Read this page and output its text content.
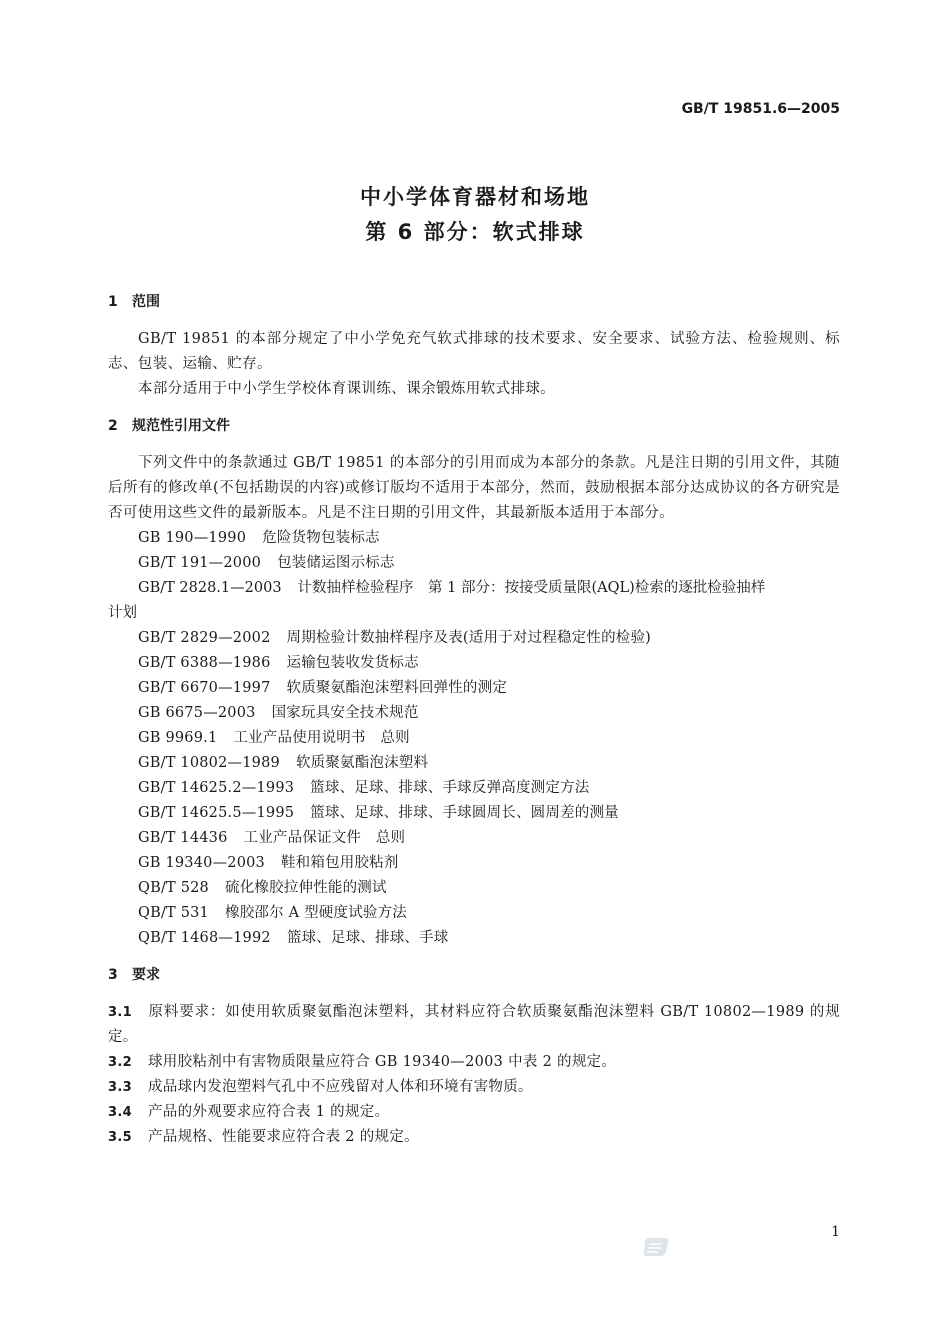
GB/T 19851.6—2005
中小学体育器材和场地
第 6 部分：软式排球
1 范围

GB/T 19851 的本部分规定了中小学免充气软式排球的技术要求、安全要求、试验方法、检验规则、标志、包装、运输、贮存。

本部分适用于中小学生学校体育课训练、课余锻炼用软式排球。

2 规范性引用文件

下列文件中的条款通过 GB/T 19851 的本部分的引用而成为本部分的条款。凡是注日期的引用文件，其随后所有的修改单(不包括勘误的内容)或修订版均不适用于本部分，然而，鼓励根据本部分达成协议的各方研究是否可使用这些文件的最新版本。凡是不注日期的引用文件，其最新版本适用于本部分。

GB 190—1990 危险货物包装标志

GB/T 191—2000 包装储运图示标志

GB/T 2828.1—2003 计数抽样检验程序　第 1 部分：按接受质量限(AQL)检索的逐批检验抽样
计划

GB/T 2829—2002 周期检验计数抽样程序及表(适用于对过程稳定性的检验)

GB/T 6388—1986 运输包装收发货标志

GB/T 6670—1997 软质聚氨酯泡沫塑料回弹性的测定

GB 6675—2003 国家玩具安全技术规范

GB 9969.1 工业产品使用说明书　总则

GB/T 10802—1989 软质聚氨酯泡沫塑料

GB/T 14625.2—1993 篮球、足球、排球、手球反弹高度测定方法

GB/T 14625.5—1995 篮球、足球、排球、手球圆周长、圆周差的测量

GB/T 14436 工业产品保证文件　总则

GB 19340—2003 鞋和箱包用胶粘剂

QB/T 528 硫化橡胶拉伸性能的测试

QB/T 531 橡胶邵尔 A 型硬度试验方法

QB/T 1468—1992 篮球、足球、排球、手球

3 要求

3.1 原料要求：如使用软质聚氨酯泡沫塑料，其材料应符合软质聚氨酯泡沫塑料 GB/T 10802—1989 的规定。

3.2 球用胶粘剂中有害物质限量应符合 GB 19340—2003 中表 2 的规定。

3.3 成品球内发泡塑料气孔中不应残留对人体和环境有害物质。

3.4 产品的外观要求应符合表 1 的规定。

3.5 产品规格、性能要求应符合表 2 的规定。

1
